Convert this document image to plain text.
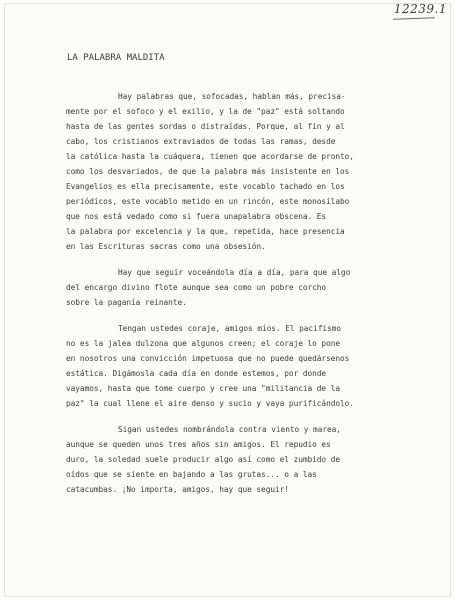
12239.1
LA PALABRA MALDITA
Hay palabras que, sofocadas, hablan más, precisa-
mente por el sofoco y el exilio, y la de "paz" está soltando
hasta de las gentes sordas o distraídas. Porque, al fin y al
cabo, los cristianos extraviados de todas las ramas, desde
la católica hasta la cuáquera, tienen que acordarse de pronto,
como los desvariados, de que la palabra más insistente en los
Evangelios es ella precisamente, este vocablo tachado en los
periódicos, este vocablo metido en un rincón, este monosílabo
que nos está vedado como si fuera unapalabra obscena. Es
la palabra por excelencia y la que, repetida, hace presencia
en las Escrituras sacras como una obsesión.
Hay que seguir voceándola día a día, para que algo
del encargo divino flote aunque sea como un pobre corcho
sobre la paganía reinante.
Tengan ustedes coraje, amigos míos. El pacifismo
no es la jalea dulzona que algunos creen; el coraje lo pone
en nosotros una convicción impetuosa que no puede quedársenos
estática. Digámosla cada día en donde estemos, por donde
vayamos, hasta que tome cuerpo y cree una "militancia de la
paz" la cual llene el aire denso y sucio y vaya purificándolo.
Sigan ustedes nombrándola contra viento y marea,
aunque se queden unos tres años sin amigos. El repudio es
duro, la soledad suele producir algo así como el zumbido de
oídos que se siente en bajando a las grutas... o a las
catacumbas. ¡No importa, amigos, hay que seguir!
